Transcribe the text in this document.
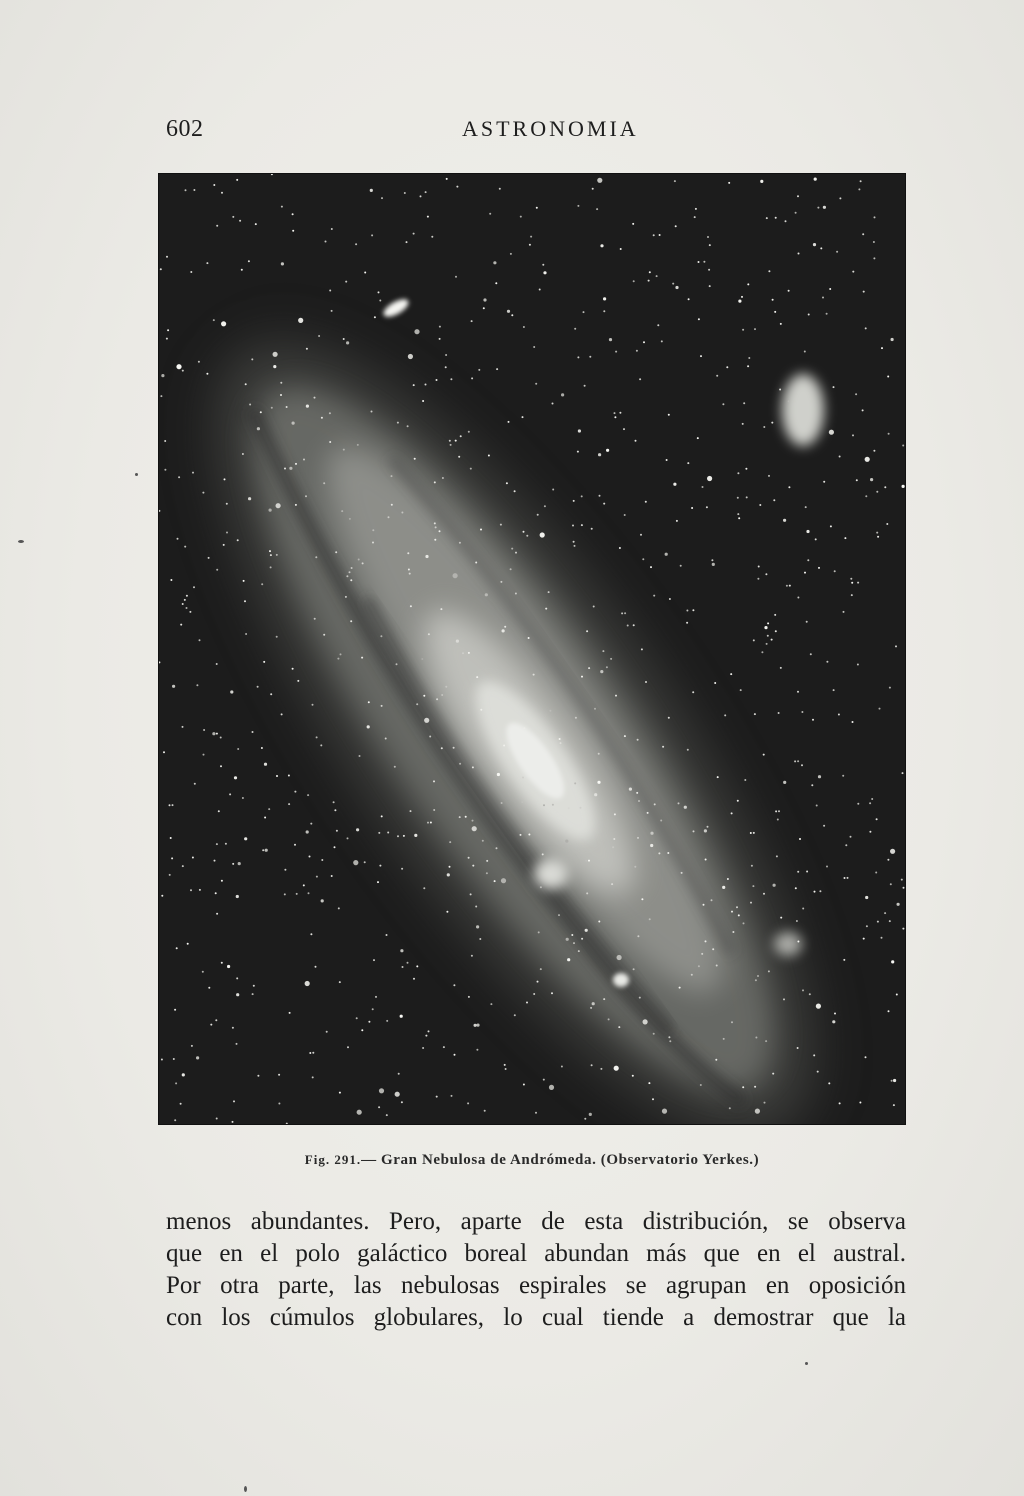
602	ASTRONOMIA
Fig. 291.— Gran Nebulosa de Andrómeda. (Observatorio Yerkes.)
menos abundantes. Pero, aparte de esta distribución, se observa
que en el polo galáctico boreal abundan más que en el austral.
Por otra parte, las nebulosas espirales se agrupan en oposición
con los cúmulos globulares, lo cual tiende a demostrar que la
